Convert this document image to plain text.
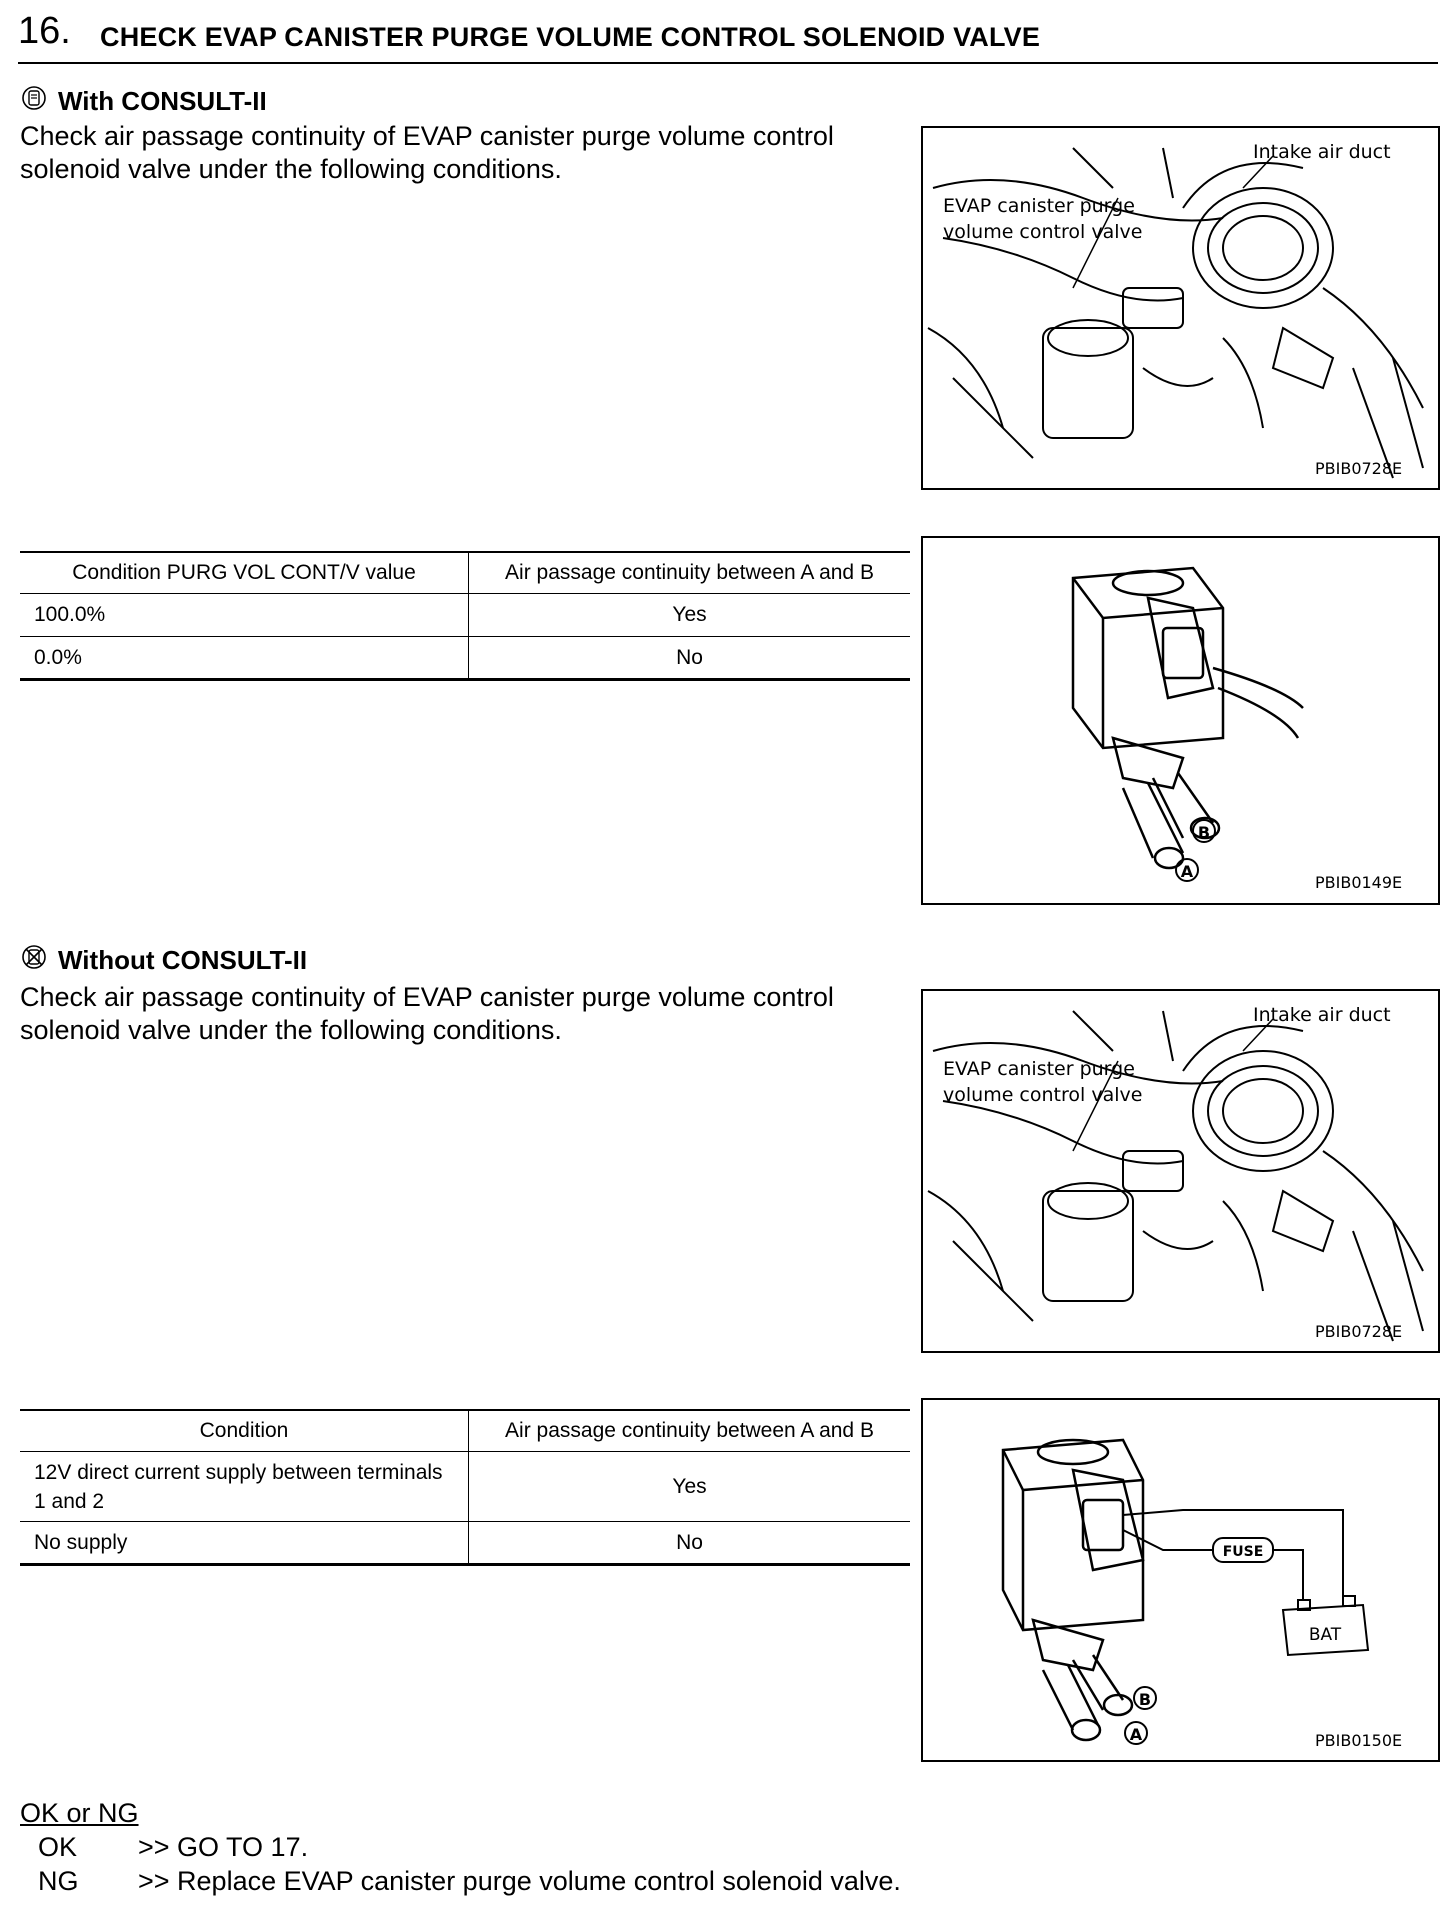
16. CHECK EVAP CANISTER PURGE VOLUME CONTROL SOLENOID VALVE
With CONSULT-II
Check air passage continuity of EVAP canister purge volume control solenoid valve under the following conditions.
Intake air duct
EVAP canister purge
volume control valve
PBIB0728E
Condition PURG VOL CONT/V value	Air passage continuity between A and B
100.0%	Yes
0.0%	No
B
A
PBIB0149E
Without CONSULT-II
Check air passage continuity of EVAP canister purge volume control solenoid valve under the following conditions.	Intake air duct
EVAP canister purge
volume control valve
PBIB0728E
Condition	Air passage continuity between A and B
12V direct current supply between terminals 1 and 2	Yes
No supply	No	FUSE
BAT
B
A	PBIB0150E
OK or NG
OK >> GO TO 17.
NG >> Replace EVAP canister purge volume control solenoid valve.
